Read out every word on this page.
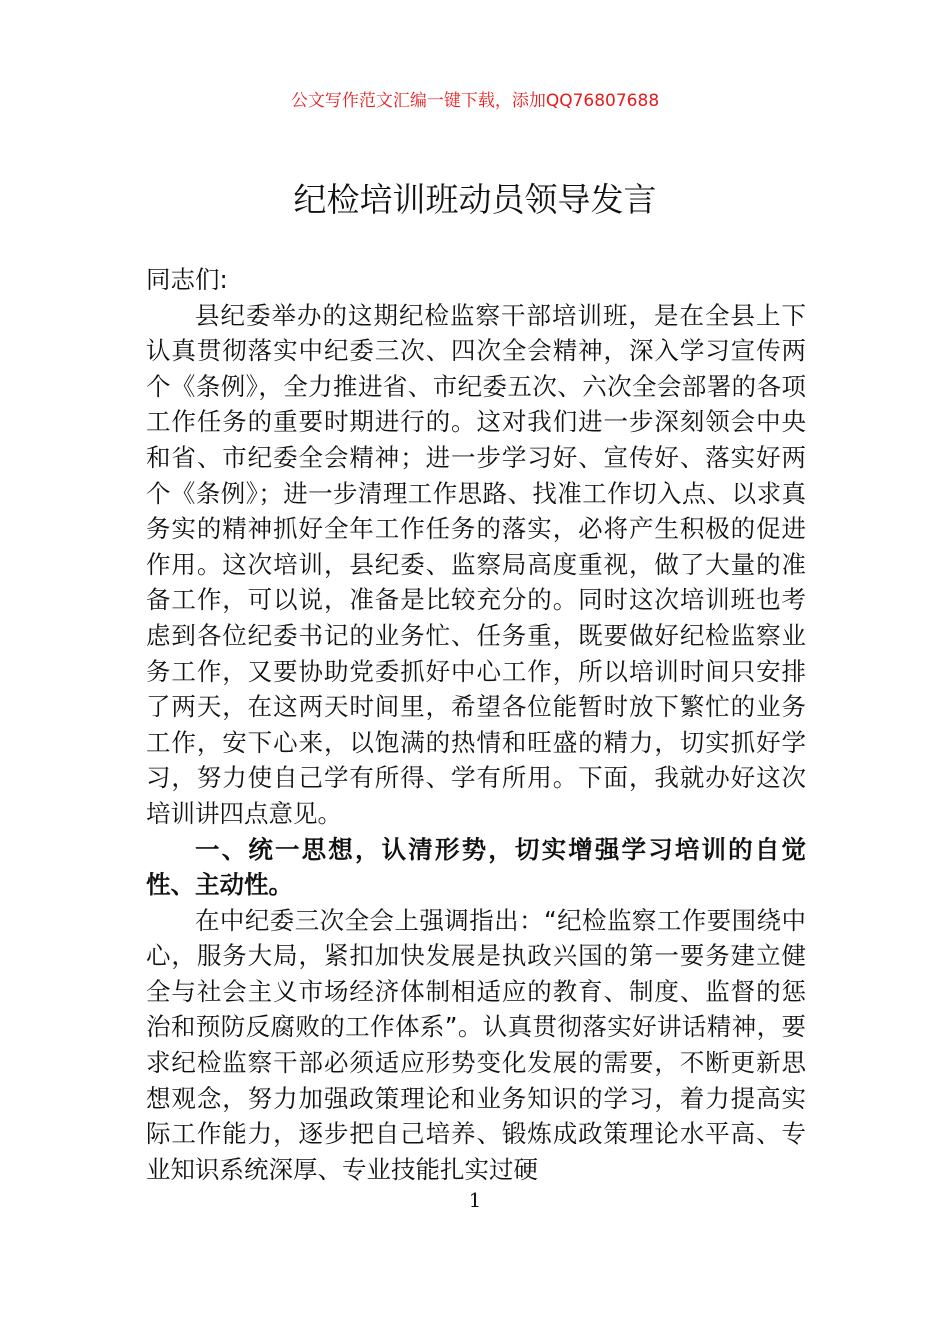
公文写作范文汇编一键下载，添加QQ76807688
纪检培训班动员领导发言

同志们:

县纪委举办的这期纪检监察干部培训班，是在全县上下认真贯彻落实中纪委三次、四次全会精神，深入学习宣传两个《条例》，全力推进省、市纪委五次、六次全会部署的各项工作任务的重要时期进行的。这对我们进一步深刻领会中央和省、市纪委全会精神；进一步学习好、宣传好、落实好两个《条例》；进一步清理工作思路、找准工作切入点、以求真务实的精神抓好全年工作任务的落实，必将产生积极的促进作用。这次培训，县纪委、监察局高度重视，做了大量的准备工作，可以说，准备是比较充分的。同时这次培训班也考虑到各位纪委书记的业务忙、任务重，既要做好纪检监察业务工作，又要协助党委抓好中心工作，所以培训时间只安排了两天，在这两天时间里，希望各位能暂时放下繁忙的业务工作，安下心来，以饱满的热情和旺盛的精力，切实抓好学习，努力使自己学有所得、学有所用。下面，我就办好这次培训讲四点意见。

一、统一思想，认清形势，切实增强学习培训的自觉性、主动性。

在中纪委三次全会上强调指出：“纪检监察工作要围绕中心，服务大局，紧扣加快发展是执政兴国的第一要务建立健全与社会主义市场经济体制相适应的教育、制度、监督的惩治和预防反腐败的工作体系”。认真贯彻落实好讲话精神，要求纪检监察干部必须适应形势变化发展的需要，不断更新思想观念，努力加强政策理论和业务知识的学习，着力提高实际工作能力，逐步把自己培养、锻炼成政策理论水平高、专业知识系统深厚、专业技能扎实过硬

1
